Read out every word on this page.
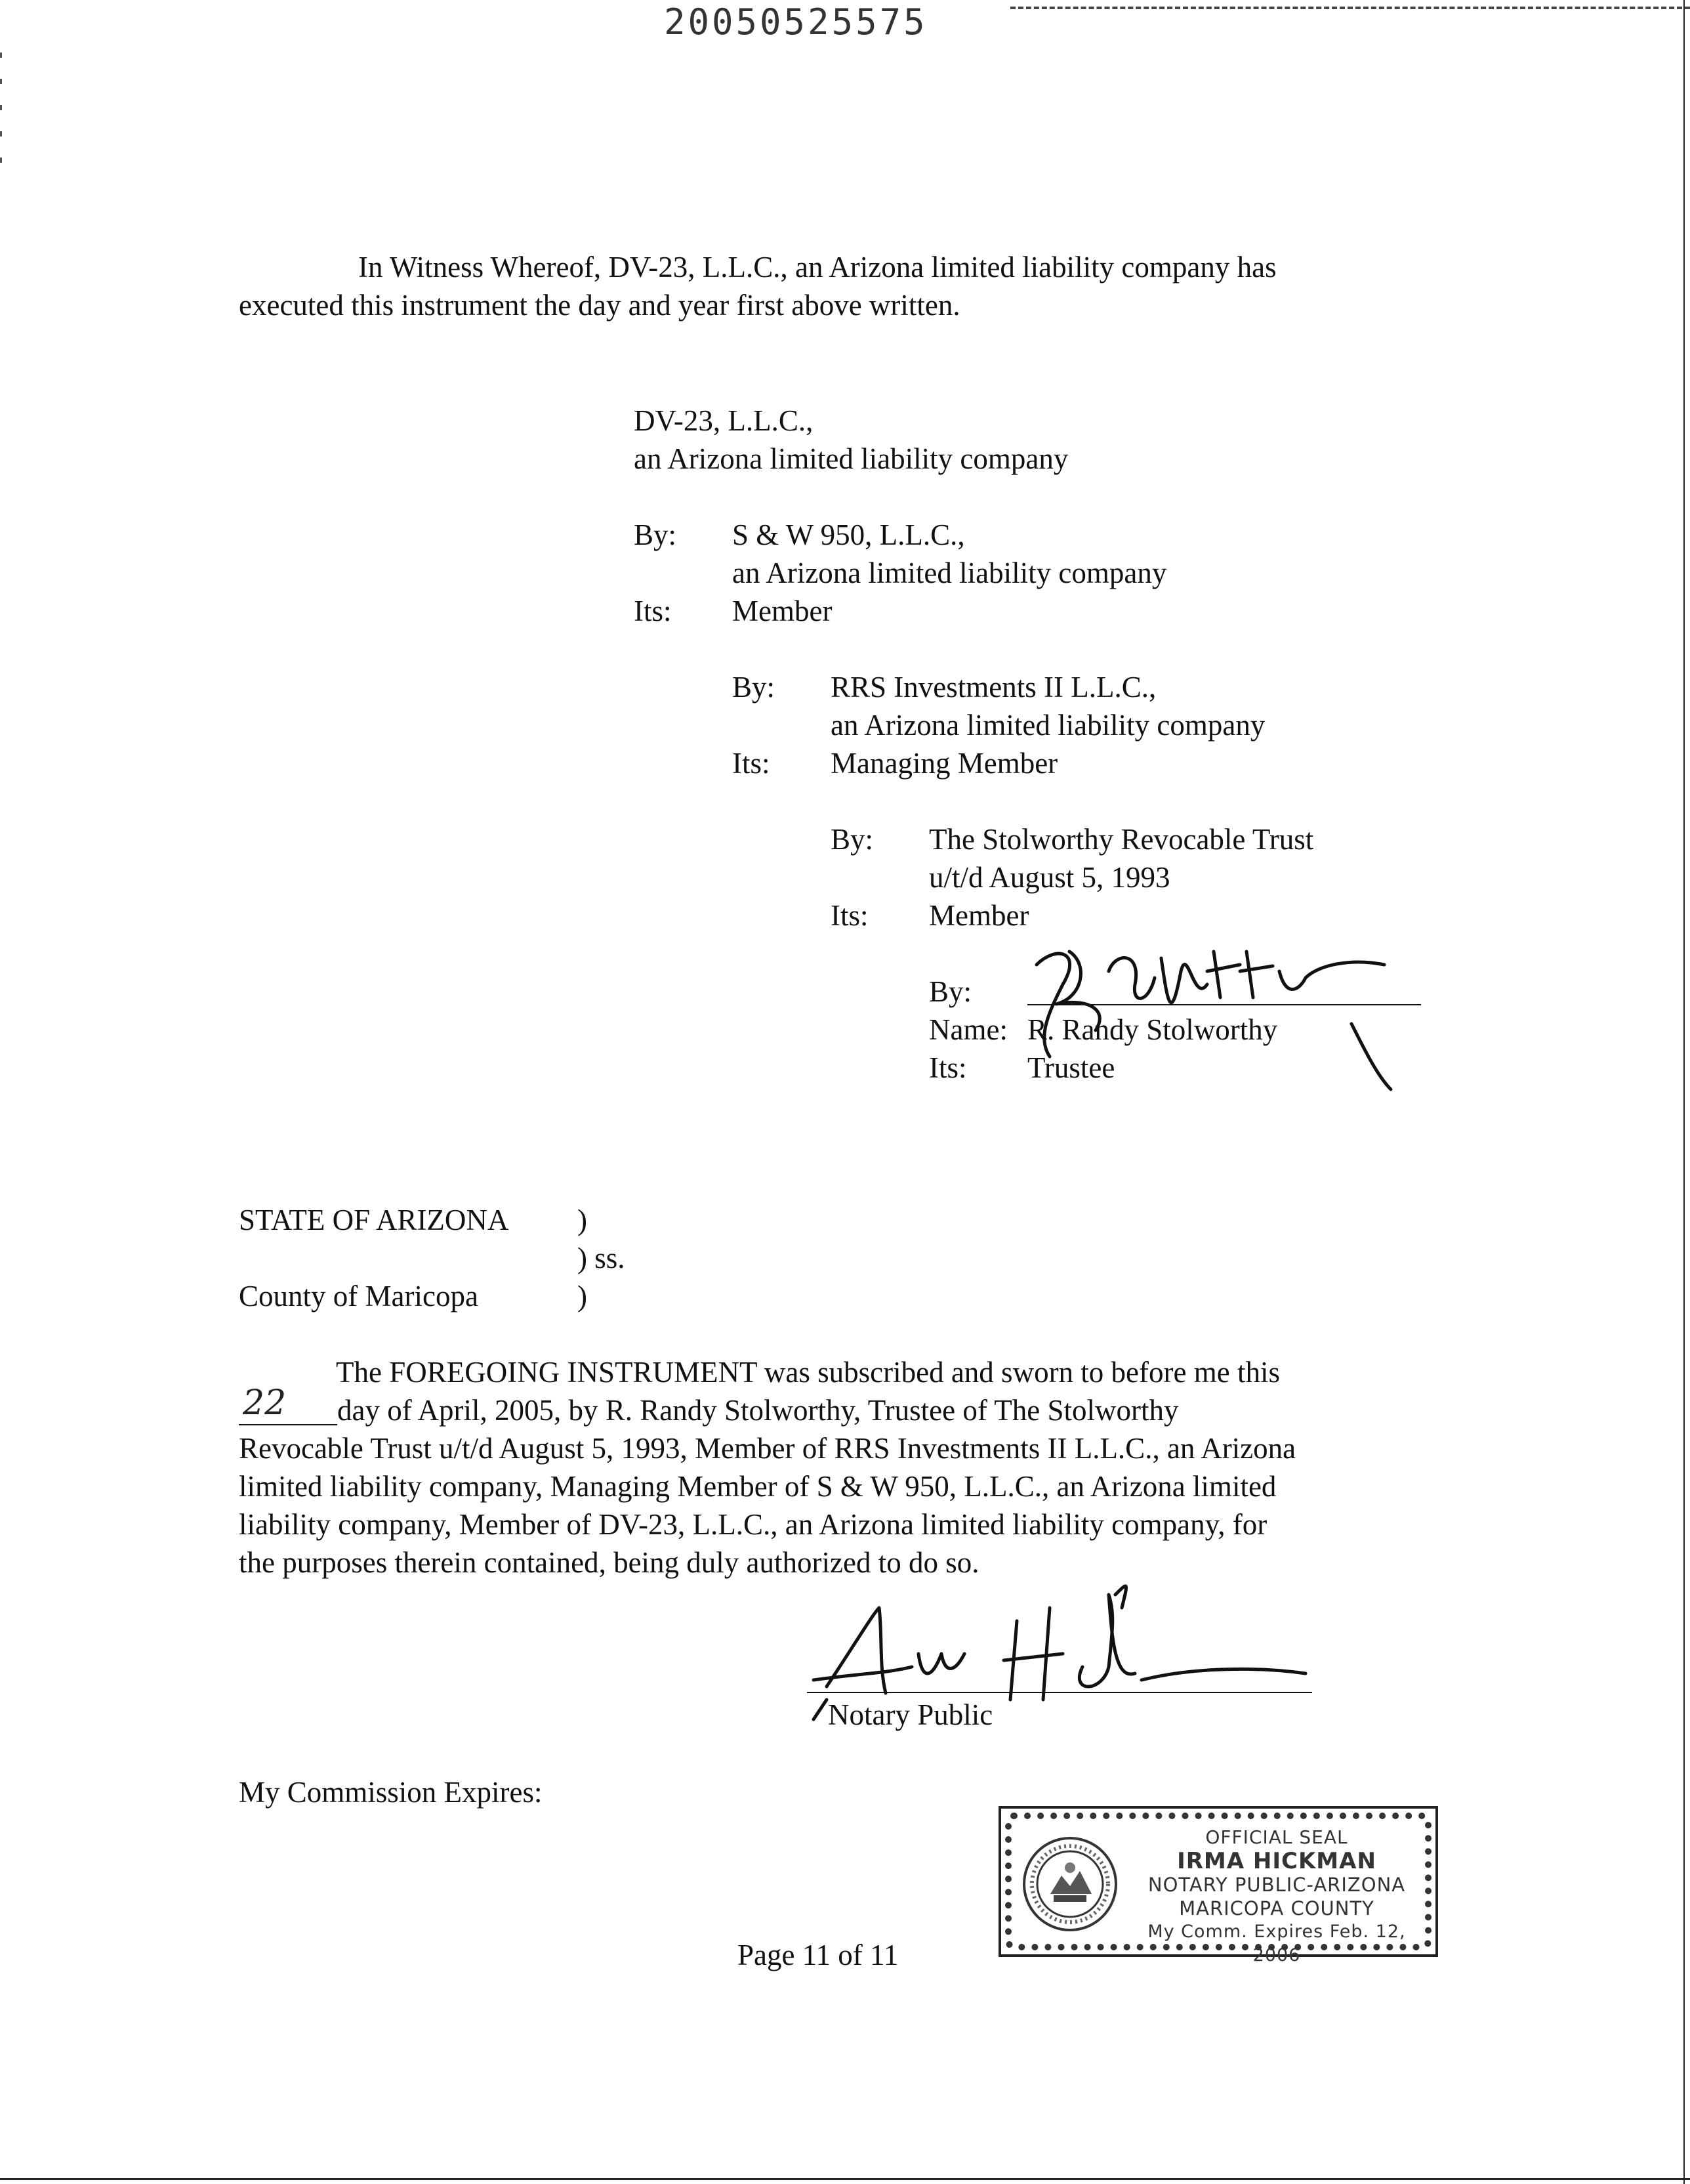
20050525575
In Witness Whereof, DV-23, L.L.C., an Arizona limited liability company has
executed this instrument the day and year first above written.
DV-23, L.L.C.,
an Arizona limited liability company
By: S & W 950, L.L.C.,
an Arizona limited liability company
Its: Member
By: RRS Investments II L.L.C.,
an Arizona limited liability company
Its: Managing Member
By: The Stolworthy Revocable Trust
u/t/d August 5, 1993
Its: Member
By:
Name: R. Randy Stolworthy
Its: Trustee
STATE OF ARIZONA )
) ss.
County of Maricopa	)
The FOREGOING INSTRUMENT was subscribed and sworn to before me this
22 day of April, 2005, by R. Randy Stolworthy, Trustee of The Stolworthy
Revocable Trust u/t/d August 5, 1993, Member of RRS Investments II L.L.C., an Arizona
limited liability company, Managing Member of S & W 950, L.L.C., an Arizona limited
liability company, Member of DV-23, L.L.C., an Arizona limited liability company, for
the purposes therein contained, being duly authorized to do so.
Notary Public
My Commission Expires:
OFFICIAL SEAL
IRMA HICKMAN
NOTARY PUBLIC-ARIZONA
MARICOPA COUNTY
My Comm. Expires Feb. 12, 2006
Page 11 of 11
